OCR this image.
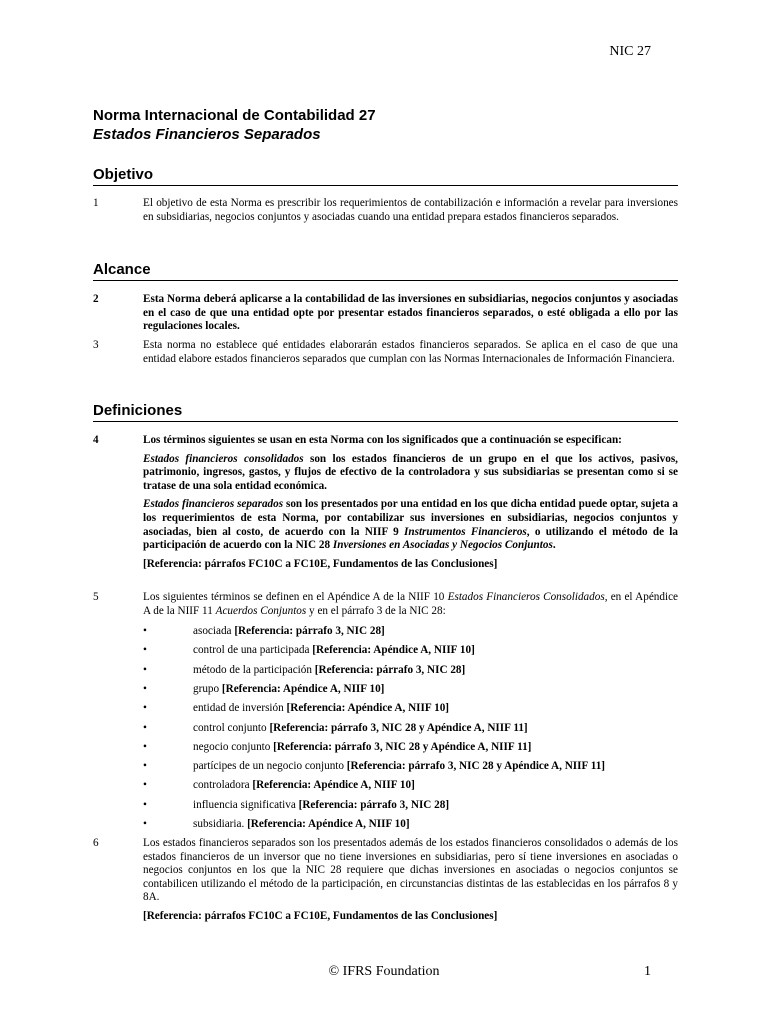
NIC 27
Norma Internacional de Contabilidad 27
Estados Financieros Separados
Objetivo
1	El objetivo de esta Norma es prescribir los requerimientos de contabilización e información a revelar para inversiones en subsidiarias, negocios conjuntos y asociadas cuando una entidad prepara estados financieros separados.

Alcance
2	Esta Norma deberá aplicarse a la contabilidad de las inversiones en subsidiarias, negocios conjuntos y asociadas en el caso de que una entidad opte por presentar estados financieros separados, o esté obligada a ello por las regulaciones locales.

3	Esta norma no establece qué entidades elaborarán estados financieros separados. Se aplica en el caso de que una entidad elabore estados financieros separados que cumplan con las Normas Internacionales de Información Financiera.

Definiciones
4	Los términos siguientes se usan en esta Norma con los significados que a continuación se especifican:

Estados financieros consolidados son los estados financieros de un grupo en el que los activos, pasivos, patrimonio, ingresos, gastos, y flujos de efectivo de la controladora y sus subsidiarias se presentan como si se tratase de una sola entidad económica.

Estados financieros separados son los presentados por una entidad en los que dicha entidad puede optar, sujeta a los requerimientos de esta Norma, por contabilizar sus inversiones en subsidiarias, negocios conjuntos y asociadas, bien al costo, de acuerdo con la NIIF 9 Instrumentos Financieros, o utilizando el método de la participación de acuerdo con la NIC 28 Inversiones en Asociadas y Negocios Conjuntos.

[Referencia: párrafos FC10C a FC10E, Fundamentos de las Conclusiones]

5	Los siguientes términos se definen en el Apéndice A de la NIIF 10 Estados Financieros Consolidados, en el Apéndice A de la NIIF 11 Acuerdos Conjuntos y en el párrafo 3 de la NIC 28:

•	asociada [Referencia: párrafo 3, NIC 28]
•	control de una participada [Referencia: Apéndice A, NIIF 10]
•	método de la participación [Referencia: párrafo 3, NIC 28]
•	grupo [Referencia: Apéndice A, NIIF 10]
•	entidad de inversión [Referencia: Apéndice A, NIIF 10]
•	control conjunto [Referencia: párrafo 3, NIC 28 y Apéndice A, NIIF 11]
•	negocio conjunto [Referencia: párrafo 3, NIC 28 y Apéndice A, NIIF 11]
•	partícipes de un negocio conjunto [Referencia: párrafo 3, NIC 28 y Apéndice A, NIIF 11]
•	controladora [Referencia: Apéndice A, NIIF 10]
•	influencia significativa [Referencia: párrafo 3, NIC 28]
•	subsidiaria. [Referencia: Apéndice A, NIIF 10]
6	Los estados financieros separados son los presentados además de los estados financieros consolidados o además de los estados financieros de un inversor que no tiene inversiones en subsidiarias, pero sí tiene inversiones en asociadas o negocios conjuntos en los que la NIC 28 requiere que dichas inversiones en asociadas o negocios conjuntos se contabilicen utilizando el método de la participación, en circunstancias distintas de las establecidas en los párrafos 8 y 8A.

[Referencia: párrafos FC10C a FC10E, Fundamentos de las Conclusiones]

© IFRS Foundation	1
